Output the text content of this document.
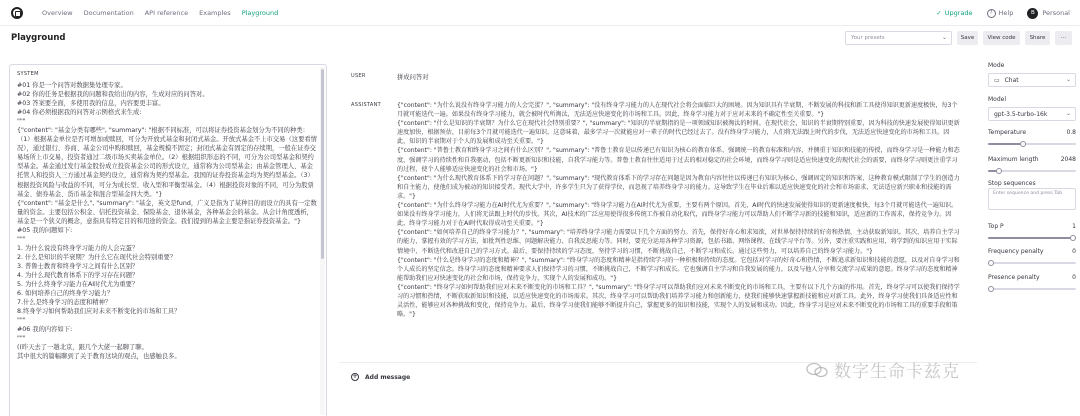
Overview Documentation API reference Examples Playground	✓ Upgrade	? Help	B	Personal
Playground	Your presets	⌄	Save	View code	Share	···
SYSTEM
#01 你是一个问答对数据集处理专家。
#02 你的任务是根据我的问题和我给出的内容，生成对应的问答对。
#03 答案要全面，多使用我的信息，内容要更丰富。
#04 你必须根据我的问答对示例格式来生成:
"""
{"content": "基金分类有哪些", "summary": "根据不同标准，可以将证券投资基金划分为不同的种类：（1）根据基金单位是否可增加或赎回，可分为开放式基金和封闭式基金。开放式基金不上市交易（这要看情况），通过银行、券商、基金公司申购和赎回，基金规模不固定；封闭式基金有固定的存续期，一般在证券交易场所上市交易，投资者通过二级市场买卖基金单位。（2）根据组织形态的不同，可分为公司型基金和契约型基金。基金通过发行基金股份成立投资基金公司的形式设立，通常称为公司型基金；由基金管理人、基金托管人和投资人三方通过基金契约设立，通常称为契约型基金。我国的证券投资基金均为契约型基金。（3）根据投资风险与收益的不同，可分为成长型、收入型和平衡型基金。（4）根据投资对象的不同，可分为股票基金、债券基金、货币基金和混合型基金四大类。"}
{"content": "基金是什么", "summary": "基金，英文是fund，广义是指为了某种目的而设立的具有一定数量的资金。主要包括公积金、信托投资基金、保险基金、退休基金，各种基金会的基金。从会计角度透析，基金是一个狭义的概念，意指具有特定目的和用途的资金。我们提到的基金主要是指证券投资基金。"}
#05 我的问题如下:
"""
1. 为什么说没有终身学习能力的人会完蛋？
2. 什么是知识的半衰期？为什么它在现代社会特别重要？
3. 普鲁士教育和终身学习之间有什么区别？
4. 为什么现代教育体系下的学习存在问题？
5. 为什么终身学习能力在AI时代尤为重要？
6. 如何培养自己的终身学习能力？
7.什么是终身学习的态度和精神？
8.终身学习如何帮助我们应对未来不断变化的市场和工具？
"""
#06 我的内容如下:
"""
((昨天去了一趟北京，跟几个大佬一起聊了聊。
其中很大的篇幅聊到了关于教育这块的观点，也感触良多。
USER	拼成问答对
ASSISTANT	{"content": "为什么说没有终身学习能力的人会完蛋？", "summary": "没有终身学习能力的人在现代社会将会面临巨大的困境。因为知识具有半衰期，不断发展的科技和新工具使得知识更新速度极快，每3个月就可能迭代一遍。如果没有终身学习能力，就会被时代所淘汰，无法适应快速变化的市场和工具。因此，终身学习能力对于应对未来的不确定性至关重要。"}

{"content": "什么是知识的半衰期？为什么它在现代社会特别重要？", "summary": "知识的半衰期指的是一项领域知识被淘汰的时间。在现代社会，知识的半衰期特别重要，因为科技的快速发展使得知识更新速度加快，根据预估，目前每3个月就可能迭代一遍知识。这意味着，最多学习一次就能应对一辈子的时代已经过去了。没有终身学习能力，人们将无法跟上时代的步伐，无法适应快速变化的市场和工具。因此，知识的半衰期对于个人的发展和成功至关重要。"}

{"content": "普鲁士教育和终身学习之间有什么区别？", "summary": "普鲁士教育是以传递已有知识为核心的教育体系，强调统一的教育标准和内容，并侧重于知识和技能的传授，而终身学习是一种能力和态度，强调学习的持续性和自我驱动，包括不断更新知识和技能，自我学习能力等。普鲁士教育往往适用于过去的相对稳定的社会环境，而终身学习则是适应快速变化的现代社会的需要，而终身学习则更注重学习的过程，使个人能够适应快速变化的社会和市场。"}

{"content": "为什么现代教育体系下的学习存在问题？", "summary": "现代教育体系下的学习存在问题是因为教育内容往往以传递已有知识为核心，强调固定的知识和答案，这种教育模式限制了学生的创造力和自主能力，使他们成为被动的知识接受者。现代大学中，许多学生只为了获得学位，而忽视了培养终身学习的能力。这导致学生在毕业后难以适应快速变化的社会和市场需求，无法适应新兴职业和技能的需求。"}

{"content": "为什么终身学习能力在AI时代尤为重要？", "summary": "终身学习能力在AI时代尤为重要，主要有两个原因。首先，AI时代的快速发展使得知识的更新速度极快，每3个月就可能迭代一遍知识。如果没有终身学习能力，人们将无法跟上时代的步伐。其次，AI技术的广泛应用使得很多传统工作被自动化取代，而终身学习能力可以帮助人们不断学习新的技能和知识，适应新的工作需求，保持竞争力。因此，终身学习能力对于在AI时代取得成功至关重要。"}

{"content": "如何培养自己的终身学习能力？", "summary": "培养终身学习能力需要以下几个方面的努力。首先，保持好奇心和求知欲，对世界保持持续的好奇和热情，主动获取新知识。其次，培养自主学习的能力，掌握有效的学习方法，如批判性思维、问题解决能力、自我反思能力等。同时，要充分运用各种学习资源，包括书籍、网络课程、在线学习平台等。另外，要注重实践和应用，将学到的知识应用于实际情境中，不断迭代和改进自己的学习方式。最后，要保持持续的学习态度，坚持学习的习惯，不断挑战自己，不断学习和成长。通过这些努力，可以培养自己的终身学习能力。"}

{"content": "什么是终身学习的态度和精神？", "summary": "终身学习的态度和精神是指持续学习的一种积极和持续的态度。它包括对学习的好奇心和热情，不断追求新知识和技能的意愿，以及对自身学习和个人成长的坚定信念。终身学习的态度和精神要求人们保持学习的习惯，不断挑战自己，不断学习和成长。它也强调自主学习和自我发展的能力，以及与他人分享和交流学习成果的意愿。终身学习的态度和精神能帮助我们应对快速变化的社会和市场，保持竞争力，实现个人的发展和成功。"}

{"content": "终身学习如何帮助我们应对未来不断变化的市场和工具？", "summary": "终身学习可以帮助我们应对未来不断变化的市场和工具，主要有以下几个方面的作用。首先，终身学习可以使我们保持学习的习惯和热情，不断获取新知识和技能，以适应快速变化的市场需求。其次，终身学习可以帮助我们培养学习能力和创新能力，使我们能够快速掌握新技能和应对新工具。此外，终身学习使我们具备适应性和灵活性，能够应对各种挑战和变化，保持竞争力。最后，终身学习使我们能够不断提升自己，掌握更多的知识和技能，实现个人的发展和成功。因此，终身学习是应对未来不断变化的市场和工具的重要手段和策略。"}

+ Add message
Mode
▭ Chat	⌄
Model
gpt-3.5-turbo-16k	⌄
Temperature	0.8
Maximum length	2048
Stop sequences
Enter sequence and press Tab
Top P	1
Frequency penalty	0
Presence penalty	0
数字生命卡兹克
